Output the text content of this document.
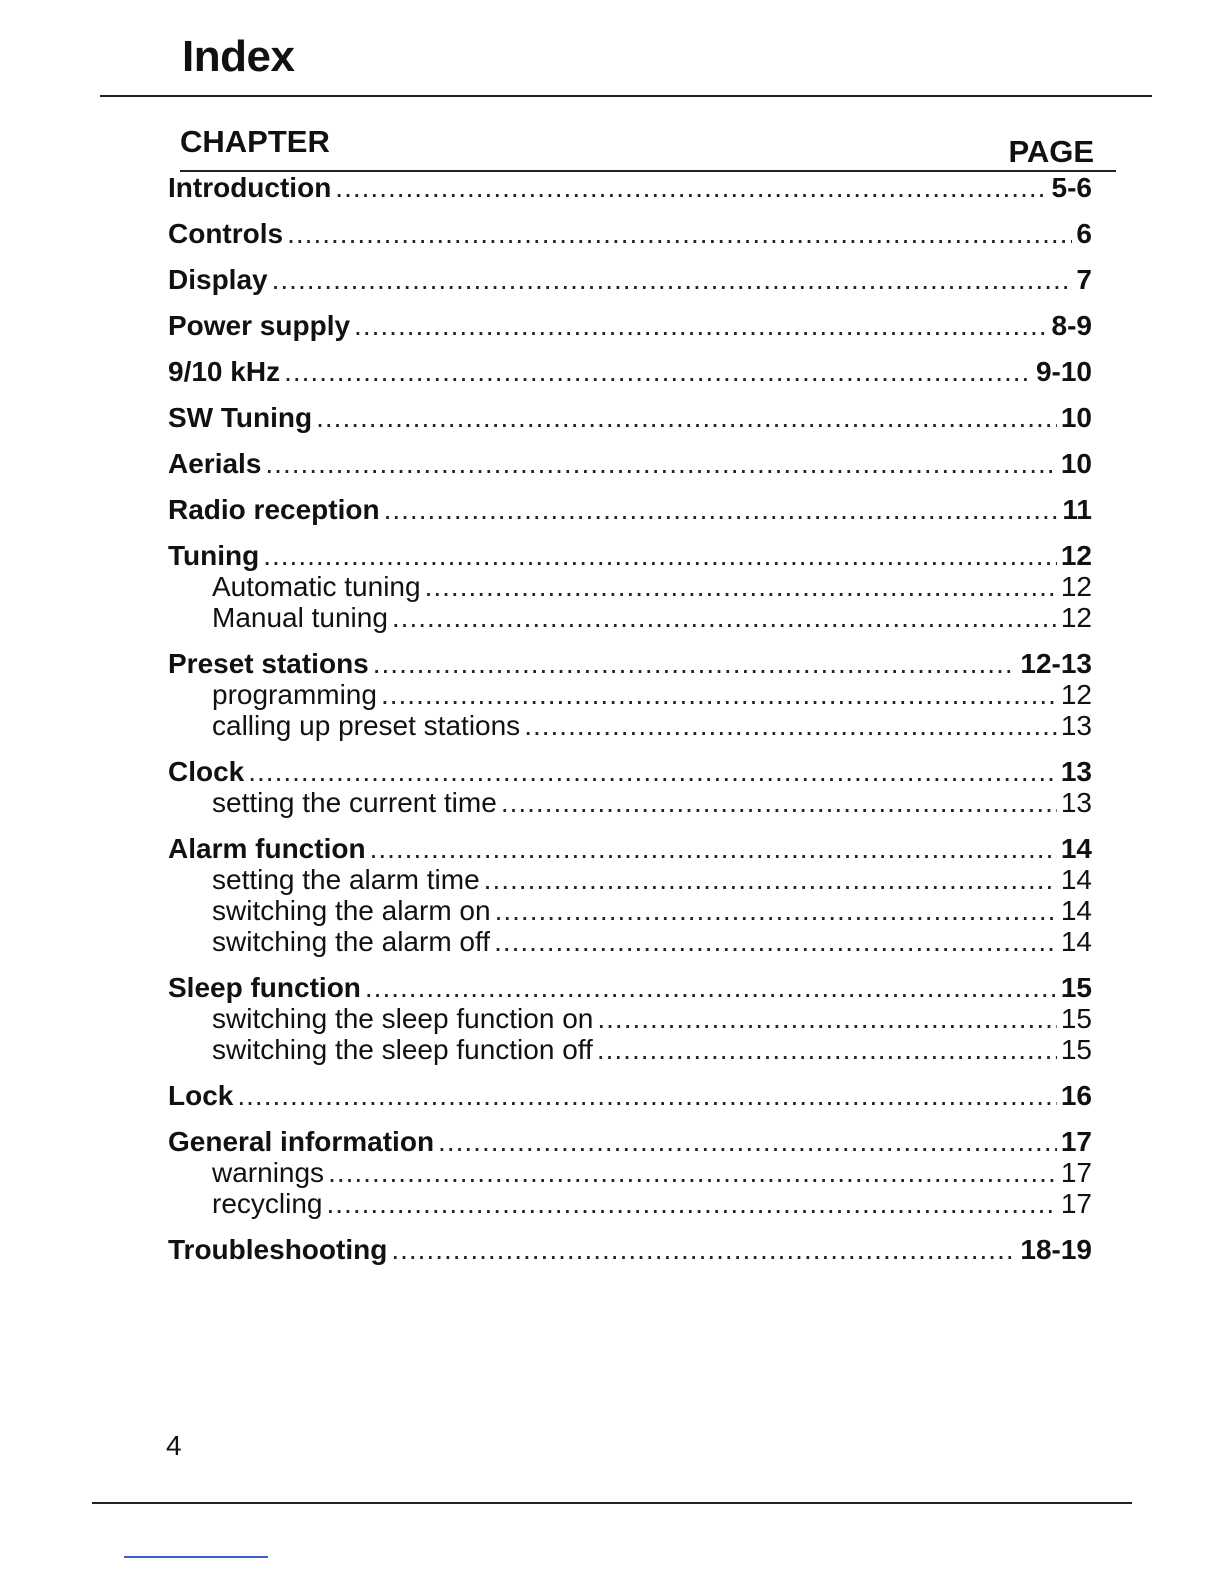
Index
CHAPTER	PAGE
Introduction .....	5-6
Controls .....	6
Display .....	7
Power supply .....	8-9
9/10 kHz .....	9-10
SW Tuning .....	10
Aerials .....	10
Radio reception .....	11
Tuning .....	12
Automatic tuning .....	12
Manual tuning .....	12
Preset stations .....	12-13
programming .....	12
calling up preset stations .....	13
Clock .....	13
setting the current time .....	13
Alarm function .....	14
setting the alarm time .....	14
switching the alarm on .....	14
switching the alarm off .....	14
Sleep function .....	15
switching the sleep function on .....	15
switching the sleep function off .....	15
Lock .....	16
General information .....	17
warnings .....	17
recycling .....	17
Troubleshooting .....	18-19
4
